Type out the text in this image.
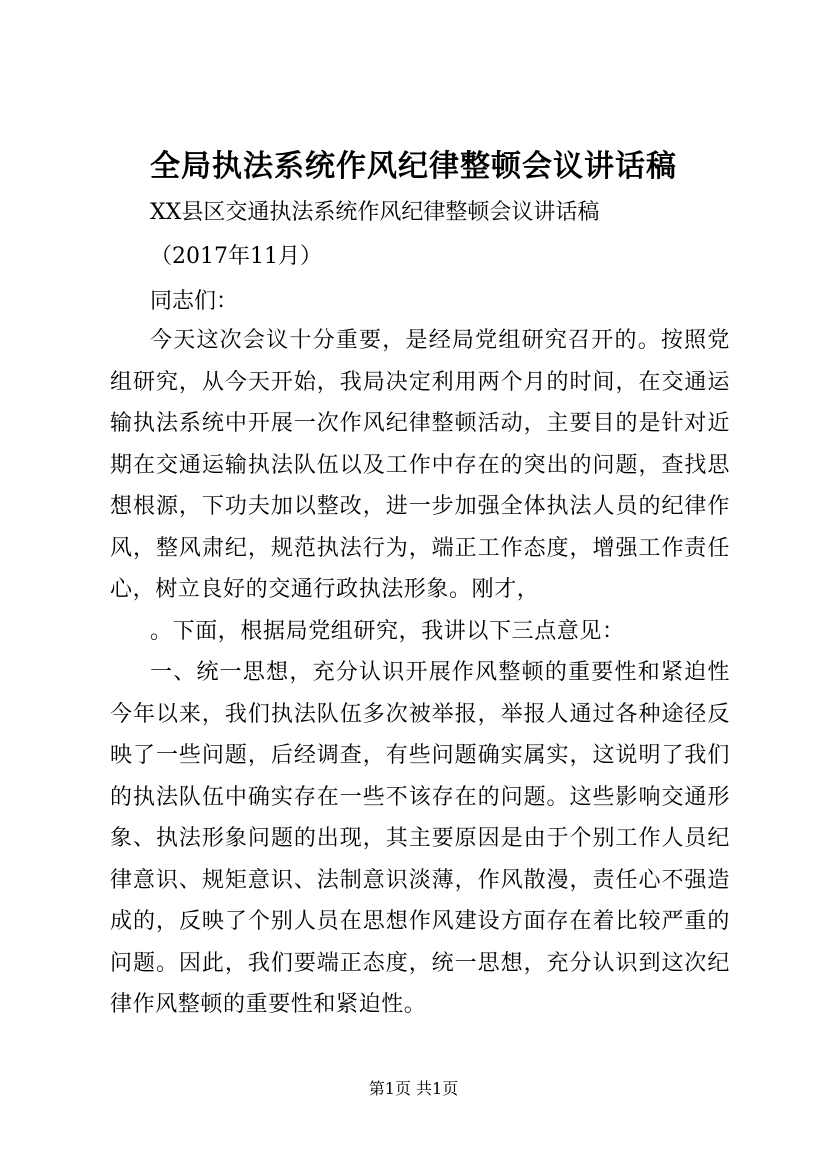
全局执法系统作风纪律整顿会议讲话稿
XX县区交通执法系统作风纪律整顿会议讲话稿
（2017年11月）
同志们：

今天这次会议十分重要，是经局党组研究召开的。按照党组研究，从今天开始，我局决定利用两个月的时间，在交通运输执法系统中开展一次作风纪律整顿活动，主要目的是针对近期在交通运输执法队伍以及工作中存在的突出的问题，查找思想根源，下功夫加以整改，进一步加强全体执法人员的纪律作风，整风肃纪，规范执法行为，端正工作态度，增强工作责任心，树立良好的交通行政执法形象。刚才，

。下面，根据局党组研究，我讲以下三点意见：

一、统一思想，充分认识开展作风整顿的重要性和紧迫性今年以来，我们执法队伍多次被举报，举报人通过各种途径反映了一些问题，后经调查，有些问题确实属实，这说明了我们的执法队伍中确实存在一些不该存在的问题。这些影响交通形象、执法形象问题的出现，其主要原因是由于个别工作人员纪律意识、规矩意识、法制意识淡薄，作风散漫，责任心不强造成的，反映了个别人员在思想作风建设方面存在着比较严重的问题。因此，我们要端正态度，统一思想，充分认识到这次纪律作风整顿的重要性和紧迫性。

第1页 共1页
